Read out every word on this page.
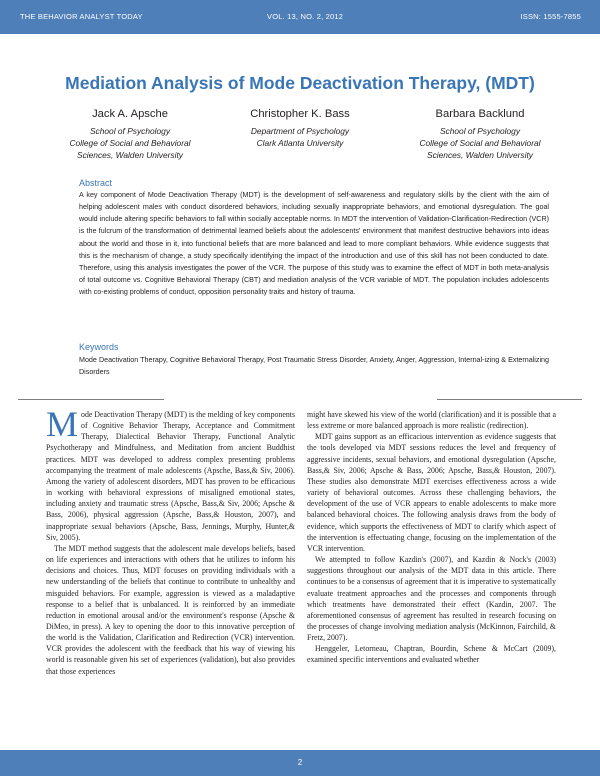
THE BEHAVIOR ANALYST TODAY	VOL. 13, NO. 2, 2012	ISSN: 1555-7855
Mediation Analysis of Mode Deactivation Therapy, (MDT)
Jack A. Apsche
School of Psychology
College of Social and Behavioral
Sciences, Walden University
Christopher K. Bass
Department of Psychology
Clark Atlanta University
Barbara Backlund
School of Psychology
College of Social and Behavioral
Sciences, Walden University
Abstract
A key component of Mode Deactivation Therapy (MDT) is the development of self-awareness and regulatory skills by the client with the aim of helping adolescent males with conduct disordered behaviors, including sexually inappropriate behaviors, and emotional dysregulation. The goal would include altering specific behaviors to fall within socially acceptable norms. In MDT the intervention of Validation-Clarification-Redirection (VCR) is the fulcrum of the transformation of detrimental learned beliefs about the adolescents' environment that manifest destructive behaviors into ideas about the world and those in it, into functional beliefs that are more balanced and lead to more compliant behaviors. While evidence suggests that this is the mechanism of change, a study specifically identifying the impact of the introduction and use of this skill has not been conducted to date. Therefore, using this analysis investigates the power of the VCR. The purpose of this study was to examine the effect of MDT in both meta-analysis of total outcome vs. Cognitive Behavioral Therapy (CBT) and mediation analysis of the VCR variable of MDT. The population includes adolescents with co-existing problems of conduct, opposition personality traits and history of trauma.
Keywords
Mode Deactivation Therapy, Cognitive Behavioral Therapy, Post Traumatic Stress Disorder, Anxiety, Anger, Aggression, Internal-izing & Externalizing Disorders

Mode Deactivation Therapy (MDT) is the melding of key components of Cognitive Behavior Therapy, Acceptance and Commitment Therapy, Dialectical Behavior Therapy, Functional Analytic Psychotherapy and Mindfulness, and Meditation from ancient Buddhist practices. MDT was developed to address complex presenting problems accompanying the treatment of male adolescents (Apsche, Bass,& Siv, 2006). Among the variety of adolescent disorders, MDT has proven to be efficacious in working with behavioral expressions of misaligned emotional states, including anxiety and traumatic stress (Apsche, Bass,& Siv, 2006; Apsche & Bass, 2006), physical aggression (Apsche, Bass,& Houston, 2007), and inappropriate sexual behaviors (Apsche, Bass, Jennings, Murphy, Hunter,& Siv, 2005).

The MDT method suggests that the adolescent male develops beliefs, based on life experiences and interactions with others that he utilizes to inform his decisions and choices. Thus, MDT focuses on providing individuals with a new understanding of the beliefs that continue to contribute to unhealthy and misguided behaviors. For example, aggression is viewed as a maladaptive response to a belief that is unbalanced. It is reinforced by an immediate reduction in emotional arousal and/or the environment's response (Apsche & DiMeo, in press). A key to opening the door to this innovative perception of the world is the Validation, Clarification and Redirection (VCR) intervention. VCR provides the adolescent with the feedback that his way of viewing his world is reasonable given his set of experiences (validation), but also provides that those experiences

might have skewed his view of the world (clarification) and it is possible that a less extreme or more balanced approach is more realistic (redirection).

MDT gains support as an efficacious intervention as evidence suggests that the tools developed via MDT sessions reduces the level and frequency of aggressive incidents, sexual behaviors, and emotional dysregulation (Apsche, Bass,& Siv, 2006; Apsche & Bass, 2006; Apsche, Bass,& Houston, 2007). These studies also demonstrate MDT exercises effectiveness across a wide variety of behavioral outcomes. Across these challenging behaviors, the development of the use of VCR appears to enable adolescents to make more balanced behavioral choices. The following analysis draws from the body of evidence, which supports the effectiveness of MDT to clarify which aspect of the intervention is effectuating change, focusing on the implementation of the VCR intervention.

We attempted to follow Kazdin's (2007), and Kazdin & Nock's (2003) suggestions throughout our analysis of the MDT data in this article. There continues to be a consensus of agreement that it is imperative to systematically evaluate treatment approaches and the processes and components through which treatments have demonstrated their effect (Kazdin, 2007. The aforementioned consensus of agreement has resulted in research focusing on the processes of change involving mediation analysis (McKinnon, Fairchild, & Fretz, 2007).

Henggeler, Letorneau, Chaptran, Bourdin, Schene & McCart (2009), examined specific interventions and evaluated whether

2
